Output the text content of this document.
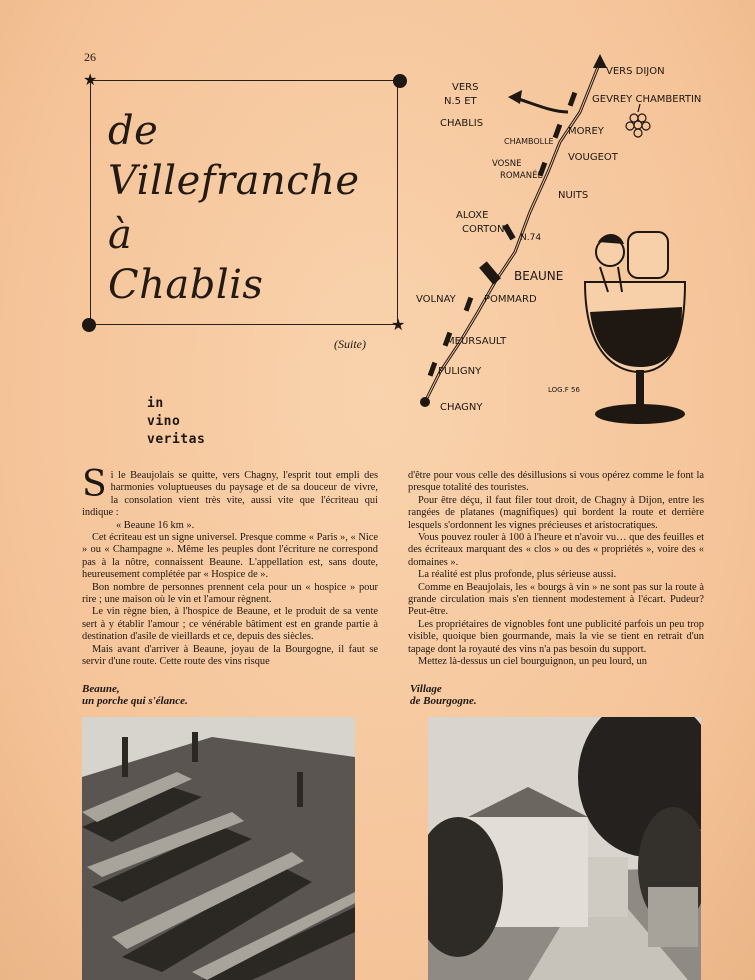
26
★
★
de
Villefranche
à
Chablis
(Suite)
in
vino
veritas
VERS DIJON
VERS
N.5 ET
CHABLIS
GEVREY CHAMBERTIN
CHAMBOLLE
MOREY
VOUGEOT
VOSNE
ROMANÉE
NUITS
ALOXE
CORTON
N.74
BEAUNE
VOLNAY	POMMARD
MEURSAULT
PULIGNY
CHAGNY
LOG.F 56
S i le Beaujolais se quitte, vers Chagny, l'esprit tout empli des harmonies voluptueuses du paysage et de sa douceur de vivre, la consolation vient très vite, aussi vite que l'écriteau qui indique :

« Beaune 16 km ».

Cet écriteau est un signe universel. Presque comme « Paris », « Nice » ou « Champagne ». Même les peuples dont l'écriture ne correspond pas à la nôtre, connaissent Beaune. L'appellation est, sans doute, heureusement complétée par « Hospice de ».

Bon nombre de personnes prennent cela pour un « hospice » pour rire ; une maison où le vin et l'amour règnent.

Le vin règne bien, à l'hospice de Beaune, et le produit de sa vente sert à y établir l'amour ; ce vénérable bâtiment est en grande partie à destination d'asile de vieillards et ce, depuis des siècles.

Mais avant d'arriver à Beaune, joyau de la Bourgogne, il faut se servir d'une route. Cette route des vins risque

d'être pour vous celle des désillusions si vous opérez comme le font la presque totalité des touristes.

Pour être déçu, il faut filer tout droit, de Chagny à Dijon, entre les rangées de platanes (magnifiques) qui bordent la route et derrière lesquels s'ordonnent les vignes précieuses et aristocratiques.

Vous pouvez rouler à 100 à l'heure et n'avoir vu… que des feuilles et des écriteaux marquant des « clos » ou des « propriétés », voire des « domaines ».

La réalité est plus profonde, plus sérieuse aussi.

Comme en Beaujolais, les « bourgs à vin » ne sont pas sur la route à grande circulation mais s'en tiennent modestement à l'écart. Pudeur? Peut-être.

Les propriétaires de vignobles font une publicité parfois un peu trop visible, quoique bien gourmande, mais la vie se tient en retrait d'un tapage dont la royauté des vins n'a pas besoin du support.

Mettez là-dessus un ciel bourguignon, un peu lourd, un

Beaune,
un porche qui s'élance.
Village
de Bourgogne.
